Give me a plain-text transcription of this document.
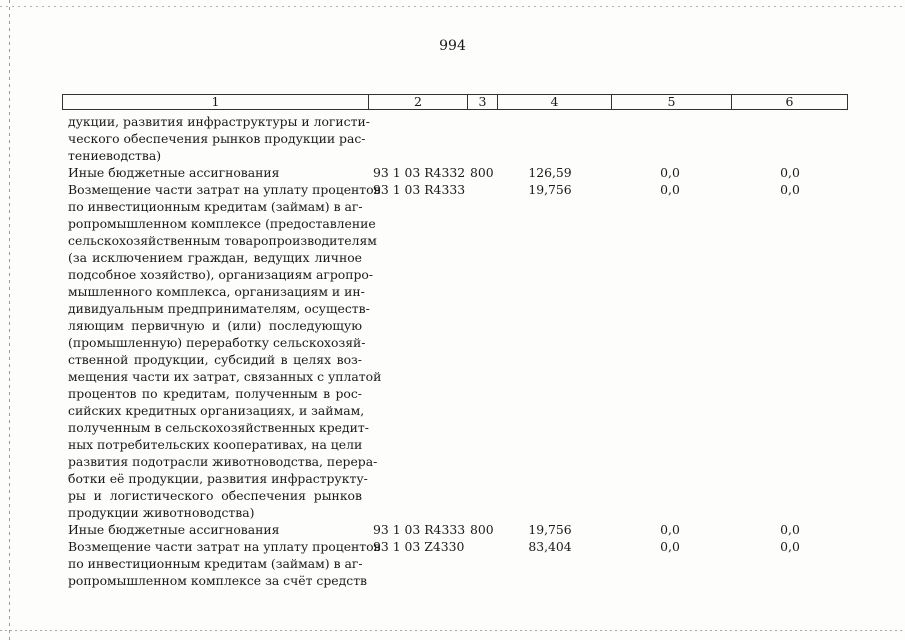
994
1	2	3	4	5	6
дукции, развития инфраструктуры и логисти-
ческого обеспечения рынков продукции рас-
тениеводства)
Иные бюджетные ассигнования	93 1 03 R4332 800	126,59	0,0	0,0
Возмещение части затрат на уплату процентов
по инвестиционным кредитам (займам) в аг-
ропромышленном комплексе (предоставление
сельскохозяйственным товаропроизводителям
(за исключением граждан, ведущих личное
подсобное хозяйство), организациям агропро-
мышленного комплекса, организациям и ин-
дивидуальным предпринимателям, осуществ-
ляющим первичную и (или) последующую
(промышленную) переработку сельскохозяй-
ственной продукции, субсидий в целях воз-
мещения части их затрат, связанных с уплатой
процентов по кредитам, полученным в рос-
сийских кредитных организациях, и займам,
полученным в сельскохозяйственных кредит-
ных потребительских кооперативах, на цели
развития подотрасли животноводства, перера-
ботки её продукции, развития инфраструкту-
ры и логистического обеспечения рынков
продукции животноводства)
93 1 03 R4333	19,756	0,0	0,0
Иные бюджетные ассигнования	93 1 03 R4333 800	19,756	0,0	0,0
Возмещение части затрат на уплату процентов
по инвестиционным кредитам (займам) в аг-
ропромышленном комплексе за счёт средств
93 1 03 Z4330	83,404	0,0	0,0
